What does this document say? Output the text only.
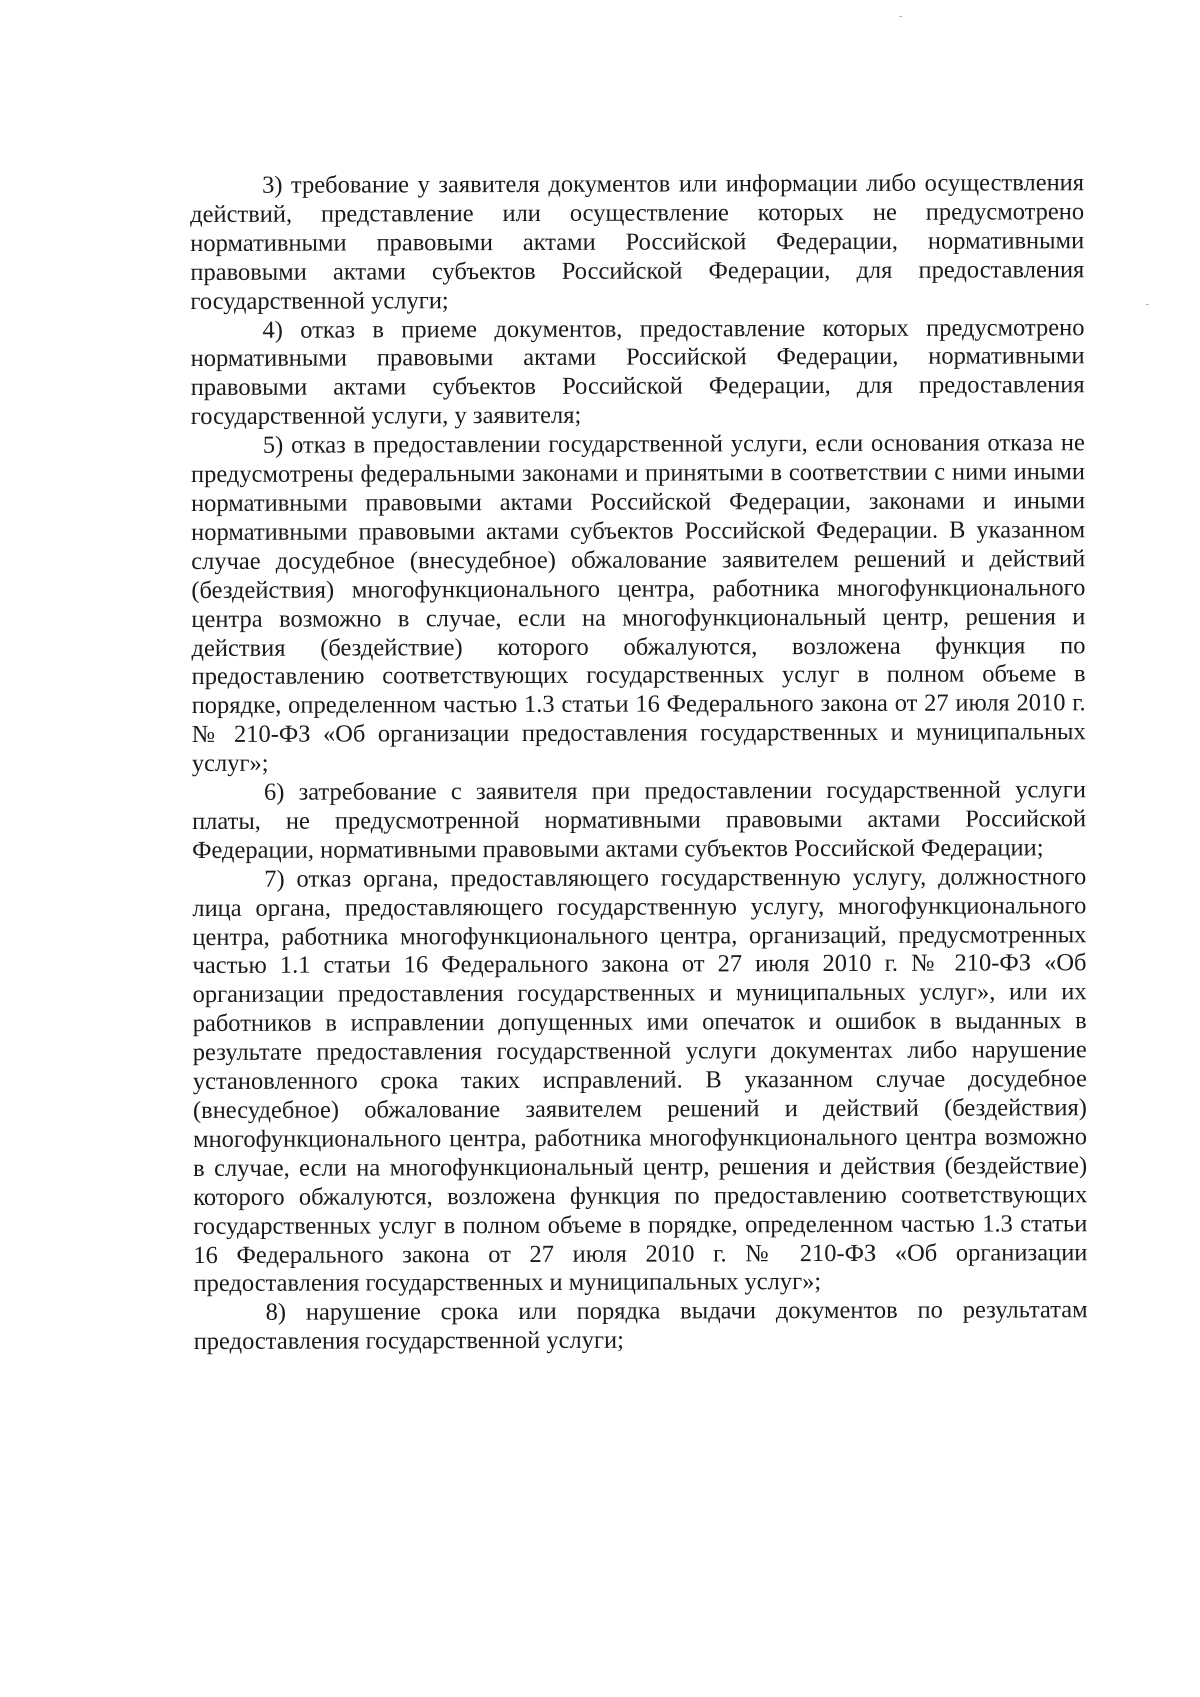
3) требование у заявителя документов или информации либо осуществления действий, представление или осуществление которых не предусмотрено нормативными правовыми актами Российской Федерации, нормативными правовыми актами субъектов Российской Федерации, для предоставления государственной услуги;

4) отказ в приеме документов, предоставление которых предусмотрено нормативными правовыми актами Российской Федерации, нормативными правовыми актами субъектов Российской Федерации, для предоставления государственной услуги, у заявителя;

5) отказ в предоставлении государственной услуги, если основания отказа не предусмотрены федеральными законами и принятыми в соответствии с ними иными нормативными правовыми актами Российской Федерации, законами и иными нормативными правовыми актами субъектов Российской Федерации. В указанном случае досудебное (внесудебное) обжалование заявителем решений и действий (бездействия) многофункционального центра, работника многофункционального центра возможно в случае, если на многофункциональный центр, решения и действия (бездействие) которого обжалуются, возложена функция по предоставлению соответствующих государственных услуг в полном объеме в порядке, определенном частью 1.3 статьи 16 Федерального закона от 27 июля 2010 г. № 210-ФЗ «Об организации предоставления государственных и муниципальных услуг»;

6) затребование с заявителя при предоставлении государственной услуги платы, не предусмотренной нормативными правовыми актами Российской Федерации, нормативными правовыми актами субъектов Российской Федерации;

7) отказ органа, предоставляющего государственную услугу, должностного лица органа, предоставляющего государственную услугу, многофункционального центра, работника многофункционального центра, организаций, предусмотренных частью 1.1 статьи 16 Федерального закона от 27 июля 2010 г. № 210-ФЗ «Об организации предоставления государственных и муниципальных услуг», или их работников в исправлении допущенных ими опечаток и ошибок в выданных в результате предоставления государственной услуги документах либо нарушение установленного срока таких исправлений. В указанном случае досудебное (внесудебное) обжалование заявителем решений и действий (бездействия) многофункционального центра, работника многофункционального центра возможно в случае, если на многофункциональный центр, решения и действия (бездействие) которого обжалуются, возложена функция по предоставлению соответствующих государственных услуг в полном объеме в порядке, определенном частью 1.3 статьи 16 Федерального закона от 27 июля 2010 г. № 210-ФЗ «Об организации предоставления государственных и муниципальных услуг»;

8) нарушение срока или порядка выдачи документов по результатам предоставления государственной услуги;
